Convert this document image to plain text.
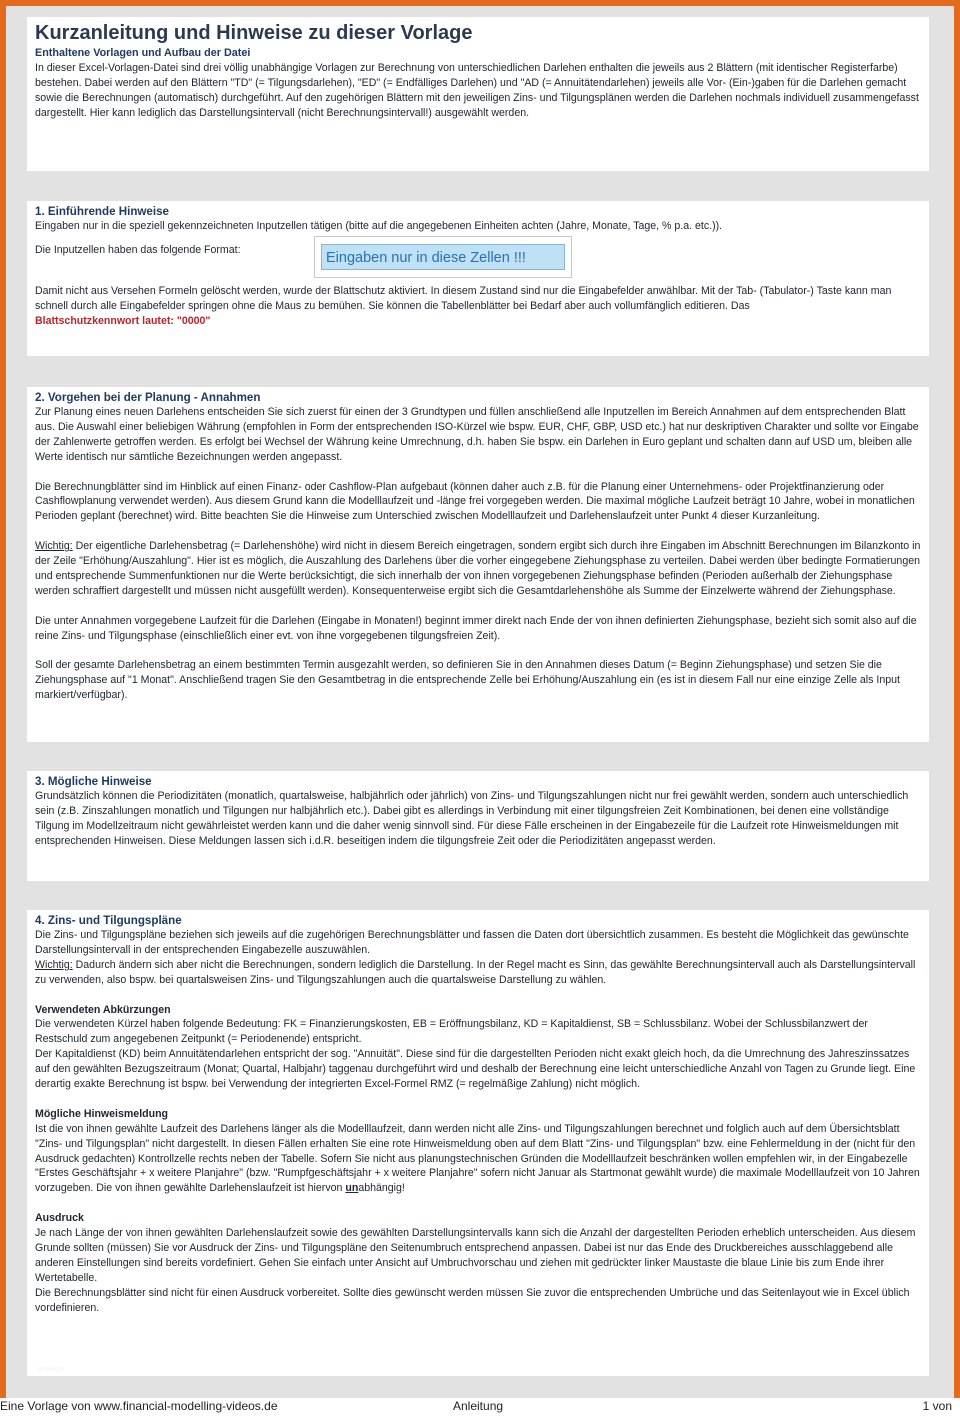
Kurzanleitung und Hinweise zu dieser Vorlage

Enthaltene Vorlagen und Aufbau der Datei

In dieser Excel-Vorlagen-Datei sind drei völlig unabhängige Vorlagen zur Berechnung von unterschiedlichen Darlehen enthalten die jeweils aus 2 Blättern (mit identischer Registerfarbe) bestehen. Dabei werden auf den Blättern "TD" (= Tilgungsdarlehen), "ED" (= Endfälliges Darlehen) und "AD (= Annuitätendarlehen) jeweils alle Vor- (Ein-)gaben für die Darlehen gemacht sowie die Berechnungen (automatisch) durchgeführt. Auf den zugehörigen Blättern mit den jeweiligen Zins- und Tilgungsplänen werden die Darlehen nochmals individuell zusammengefasst dargestellt. Hier kann lediglich das Darstellungsintervall (nicht Berechnungsintervall!) ausgewählt werden.

1. Einführende Hinweise

Eingaben nur in die speziell gekennzeichneten Inputzellen tätigen (bitte auf die angegebenen Einheiten achten (Jahre, Monate, Tage, % p.a. etc.)).

Die Inputzellen haben das folgende Format:	Eingaben nur in diese Zellen !!!

Damit nicht aus Versehen Formeln gelöscht werden, wurde der Blattschutz aktiviert. In diesem Zustand sind nur die Eingabefelder anwählbar. Mit der Tab- (Tabulator-) Taste kann man schnell durch alle Eingabefelder springen ohne die Maus zu bemühen. Sie können die Tabellenblätter bei Bedarf aber auch vollumfänglich editieren. Das
Blattschutzkennwort lautet: "0000"

2. Vorgehen bei der Planung - Annahmen

Zur Planung eines neuen Darlehens entscheiden Sie sich zuerst für einen der 3 Grundtypen und füllen anschließend alle Inputzellen im Bereich Annahmen auf dem entsprechenden Blatt aus. Die Auswahl einer beliebigen Währung (empfohlen in Form der entsprechenden ISO-Kürzel wie bspw. EUR, CHF, GBP, USD etc.) hat nur deskriptiven Charakter und sollte vor Eingabe der Zahlenwerte getroffen werden. Es erfolgt bei Wechsel der Währung keine Umrechnung, d.h. haben Sie bspw. ein Darlehen in Euro geplant und schalten dann auf USD um, bleiben alle Werte identisch nur sämtliche Bezeichnungen werden angepasst.

Die Berechnungblätter sind im Hinblick auf einen Finanz- oder Cashflow-Plan aufgebaut (können daher auch z.B. für die Planung einer Unternehmens- oder Projektfinanzierung oder Cashflowplanung verwendet werden). Aus diesem Grund kann die Modelllaufzeit und -länge frei vorgegeben werden. Die maximal mögliche Laufzeit beträgt 10 Jahre, wobei in monatlichen Perioden geplant (berechnet) wird. Bitte beachten Sie die Hinweise zum Unterschied zwischen Modelllaufzeit und Darlehenslaufzeit unter Punkt 4 dieser Kurzanleitung.

Wichtig: Der eigentliche Darlehensbetrag (= Darlehenshöhe) wird nicht in diesem Bereich eingetragen, sondern ergibt sich durch ihre Eingaben im Abschnitt Berechnungen im Bilanzkonto in der Zeile "Erhöhung/Auszahlung". Hier ist es möglich, die Auszahlung des Darlehens über die vorher eingegebene Ziehungsphase zu verteilen. Dabei werden über bedingte Formatierungen und entsprechende Summenfunktionen nur die Werte berücksichtigt, die sich innerhalb der von ihnen vorgegebenen Ziehungsphase befinden (Perioden außerhalb der Ziehungsphase werden schraffiert dargestellt und müssen nicht ausgefüllt werden). Konsequenterweise ergibt sich die Gesamtdarlehenshöhe als Summe der Einzelwerte während der Ziehungsphase.

Die unter Annahmen vorgegebene Laufzeit für die Darlehen (Eingabe in Monaten!) beginnt immer direkt nach Ende der von ihnen definierten Ziehungsphase, bezieht sich somit also auf die reine Zins- und Tilgungsphase (einschließlich einer evt. von ihne vorgegebenen tilgungsfreien Zeit).

Soll der gesamte Darlehensbetrag an einem bestimmten Termin ausgezahlt werden, so definieren Sie in den Annahmen dieses Datum (= Beginn Ziehungsphase) und setzen Sie die Ziehungsphase auf "1 Monat". Anschließend tragen Sie den Gesamtbetrag in die entsprechende Zelle bei Erhöhung/Auszahlung ein (es ist in diesem Fall nur eine einzige Zelle als Input markiert/verfügbar).

3. Mögliche Hinweise

Grundsätzlich können die Periodizitäten (monatlich, quartalsweise, halbjährlich oder jährlich) von Zins- und Tilgungszahlungen nicht nur frei gewählt werden, sondern auch unterschiedlich sein (z.B. Zinszahlungen monatlich und Tilgungen nur halbjährlich etc.). Dabei gibt es allerdings in Verbindung mit einer tilgungsfreien Zeit Kombinationen, bei denen eine vollständige Tilgung im Modellzeitraum nicht gewährleistet werden kann und die daher wenig sinnvoll sind. Für diese Fälle erscheinen in der Eingabezeile für die Laufzeit rote Hinweismeldungen mit entsprechenden Hinweisen. Diese Meldungen lassen sich i.d.R. beseitigen indem die tilgungsfreie Zeit oder die Periodizitäten angepasst werden.

4. Zins- und Tilgungspläne

Die Zins- und Tilgungspläne beziehen sich jeweils auf die zugehörigen Berechnungsblätter und fassen die Daten dort übersichtlich zusammen. Es besteht die Möglichkeit das gewünschte Darstellungsintervall in der entsprechenden Eingabezelle auszuwählen.

Wichtig: Dadurch ändern sich aber nicht die Berechnungen, sondern lediglich die Darstellung. In der Regel macht es Sinn, das gewählte Berechnungsintervall auch als Darstellungsintervall zu verwenden, also bspw. bei quartalsweisen Zins- und Tilgungszahlungen auch die quartalsweise Darstellung zu wählen.

Verwendeten Abkürzungen

Die verwendeten Kürzel haben folgende Bedeutung: FK = Finanzierungskosten, EB = Eröffnungsbilanz, KD = Kapitaldienst, SB = Schlussbilanz. Wobei der Schlussbilanzwert der Restschuld zum angegebenen Zeitpunkt (= Periodenende) entspricht.

Der Kapitaldienst (KD) beim Annuitätendarlehen entspricht der sog. "Annuität". Diese sind für die dargestellten Perioden nicht exakt gleich hoch, da die Umrechnung des Jahreszinssatzes auf den gewählten Bezugszeitraum (Monat; Quartal, Halbjahr) taggenau durchgeführt wird und deshalb der Berechnung eine leicht unterschiedliche Anzahl von Tagen zu Grunde liegt. Eine derartig exakte Berechnung ist bspw. bei Verwendung der integrierten Excel-Formel RMZ (= regelmäßige Zahlung) nicht möglich.

Mögliche Hinweismeldung

Ist die von ihnen gewählte Laufzeit des Darlehens länger als die Modelllaufzeit, dann werden nicht alle Zins- und Tilgungszahlungen berechnet und folglich auch auf dem Übersichtsblatt "Zins- und Tilgungsplan" nicht dargestellt. In diesen Fällen erhalten Sie eine rote Hinweismeldung oben auf dem Blatt "Zins- und Tilgungsplan" bzw. eine Fehlermeldung in der (nicht für den Ausdruck gedachten) Kontrollzelle rechts neben der Tabelle. Sofern Sie nicht aus planungstechnischen Gründen die Modelllaufzeit beschränken wollen empfehlen wir, in der Eingabezelle "Erstes Geschäftsjahr + x weitere Planjahre" (bzw. "Rumpfgeschäftsjahr + x weitere Planjahre" sofern nicht Januar als Startmonat gewählt wurde) die maximale Modelllaufzeit von 10 Jahren vorzugeben. Die von ihnen gewählte Darlehenslaufzeit ist hiervon unabhängig!

Ausdruck

Je nach Länge der von ihnen gewählten Darlehenslaufzeit sowie des gewählten Darstellungsintervalls kann sich die Anzahl der dargestellten Perioden erheblich unterscheiden. Aus diesem Grunde sollten (müssen) Sie vor Ausdruck der Zins- und Tilgungspläne den Seitenumbruch entsprechend anpassen. Dabei ist nur das Ende des Druckbereiches ausschlaggebend alle anderen Einstellungen sind bereits vordefiniert. Gehen Sie einfach unter Ansicht auf Umbruchvorschau und ziehen mit gedrückter linker Maustaste die blaue Linie bis zum Ende ihrer Wertetabelle.

Die Berechnungsblätter sind nicht für einen Ausdruck vorbereitet. Sollte dies gewünscht werden müssen Sie zuvor die entsprechenden Umbrüche und das Seitenlayout wie in Excel üblich vordefinieren.

vorlage
Eine Vorlage von www.financial-modelling-videos.de	Anleitung	1 von
